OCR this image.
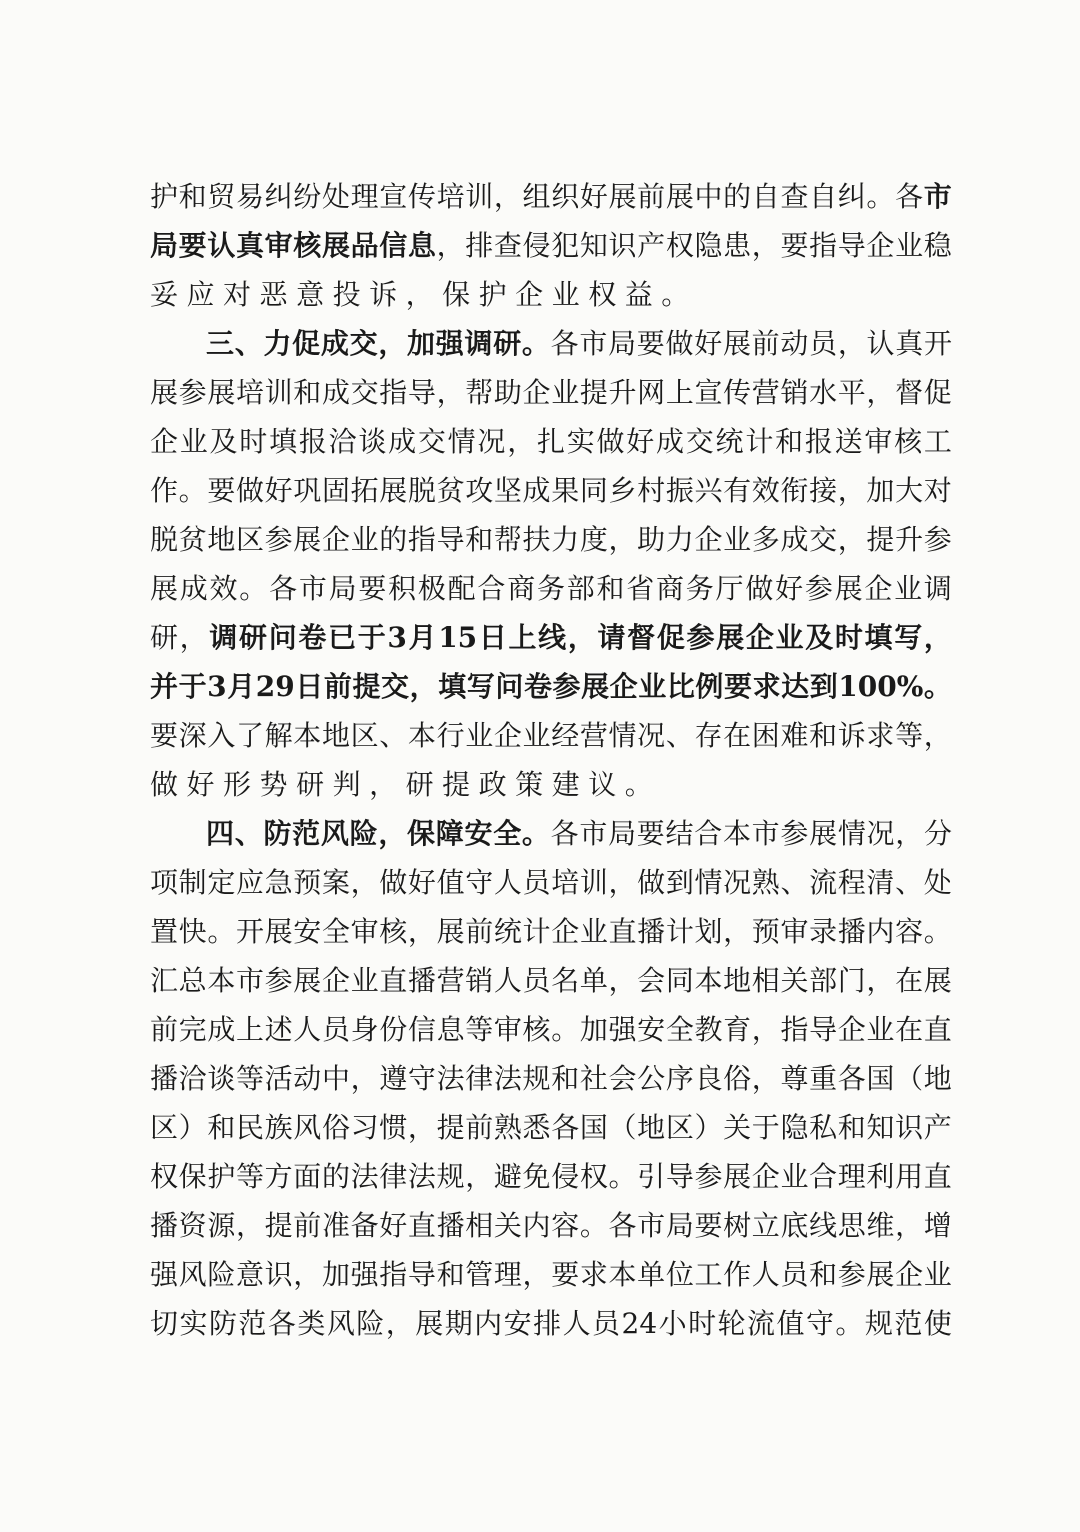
护 和 贸 易 纠 纷 处 理 宣 传 培 训 ， 组 织 好 展 前 展 中 的 自 查 自 纠 。 各 市
局 要 认 真 审 核 展 品 信 息 ， 排 查 侵 犯 知 识 产 权 隐 患 ， 要 指 导 企 业 稳
妥 应 对 恶 意 投 诉 ， 保 护 企 业 权 益 。
三 、 力 促 成 交 ， 加 强 调 研 。 各 市 局 要 做 好 展 前 动 员 ， 认 真 开
展 参 展 培 训 和 成 交 指 导 ， 帮 助 企 业 提 升 网 上 宣 传 营 销 水 平 ， 督 促
企 业 及 时 填 报 洽 谈 成 交 情 况 ， 扎 实 做 好 成 交 统 计 和 报 送 审 核 工
作 。 要 做 好 巩 固 拓 展 脱 贫 攻 坚 成 果 同 乡 村 振 兴 有 效 衔 接 ， 加 大 对
脱 贫 地 区 参 展 企 业 的 指 导 和 帮 扶 力 度 ， 助 力 企 业 多 成 交 ， 提 升 参
展 成 效 。 各 市 局 要 积 极 配 合 商 务 部 和 省 商 务 厅 做 好 参 展 企 业 调
研 ， 调 研 问 卷 已 于 3 月 15 日 上 线 ， 请 督 促 参 展 企 业 及 时 填 写 ，
并 于 3 月 29 日 前 提 交 ， 填 写 问 卷 参 展 企 业 比 例 要 求 达 到 100% 。
要 深 入 了 解 本 地 区 、 本 行 业 企 业 经 营 情 况 、 存 在 困 难 和 诉 求 等 ，
做 好 形 势 研 判 ， 研 提 政 策 建 议 。
四 、 防 范 风 险 ， 保 障 安 全 。 各 市 局 要 结 合 本 市 参 展 情 况 ， 分
项 制 定 应 急 预 案 ， 做 好 值 守 人 员 培 训 ， 做 到 情 况 熟 、 流 程 清 、 处
置 快 。 开 展 安 全 审 核 ， 展 前 统 计 企 业 直 播 计 划 ， 预 审 录 播 内 容 。
汇 总 本 市 参 展 企 业 直 播 营 销 人 员 名 单 ， 会 同 本 地 相 关 部 门 ， 在 展
前 完 成 上 述 人 员 身 份 信 息 等 审 核 。 加 强 安 全 教 育 ， 指 导 企 业 在 直
播 洽 谈 等 活 动 中 ， 遵 守 法 律 法 规 和 社 会 公 序 良 俗 ， 尊 重 各 国 （ 地
区 ） 和 民 族 风 俗 习 惯 ， 提 前 熟 悉 各 国 （ 地 区 ） 关 于 隐 私 和 知 识 产
权 保 护 等 方 面 的 法 律 法 规 ， 避 免 侵 权 。 引 导 参 展 企 业 合 理 利 用 直
播 资 源 ， 提 前 准 备 好 直 播 相 关 内 容 。 各 市 局 要 树 立 底 线 思 维 ， 增
强 风 险 意 识 ， 加 强 指 导 和 管 理 ， 要 求 本 单 位 工 作 人 员 和 参 展 企 业
切 实 防 范 各 类 风 险 ， 展 期 内 安 排 人 员 24 小 时 轮 流 值 守 。 规 范 使
